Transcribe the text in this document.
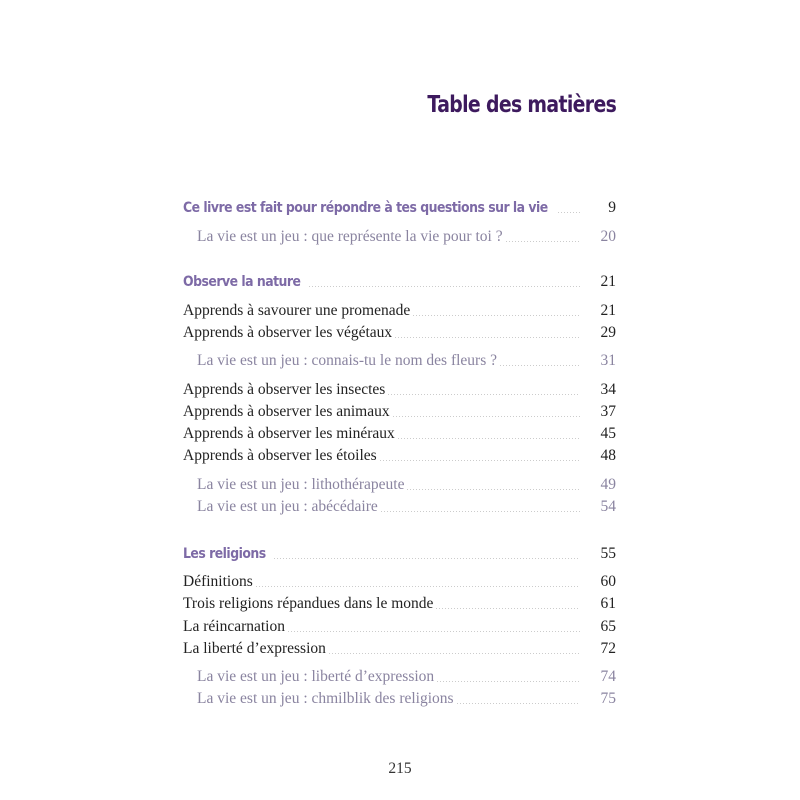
Table des matières
Ce livre est fait pour répondre à tes questions sur la vie	9
La vie est un jeu : que représente la vie pour toi ?	20
Observe la nature	21
Apprends à savourer une promenade	21
Apprends à observer les végétaux	29
La vie est un jeu : connais-tu le nom des fleurs ?	31
Apprends à observer les insectes	34
Apprends à observer les animaux	37
Apprends à observer les minéraux	45
Apprends à observer les étoiles	48
La vie est un jeu : lithothérapeute	49
La vie est un jeu : abécédaire	54
Les religions	55
Définitions	60
Trois religions répandues dans le monde	61
La réincarnation	65
La liberté d’expression	72
La vie est un jeu : liberté d’expression	74
La vie est un jeu : chmilblik des religions	75
215
